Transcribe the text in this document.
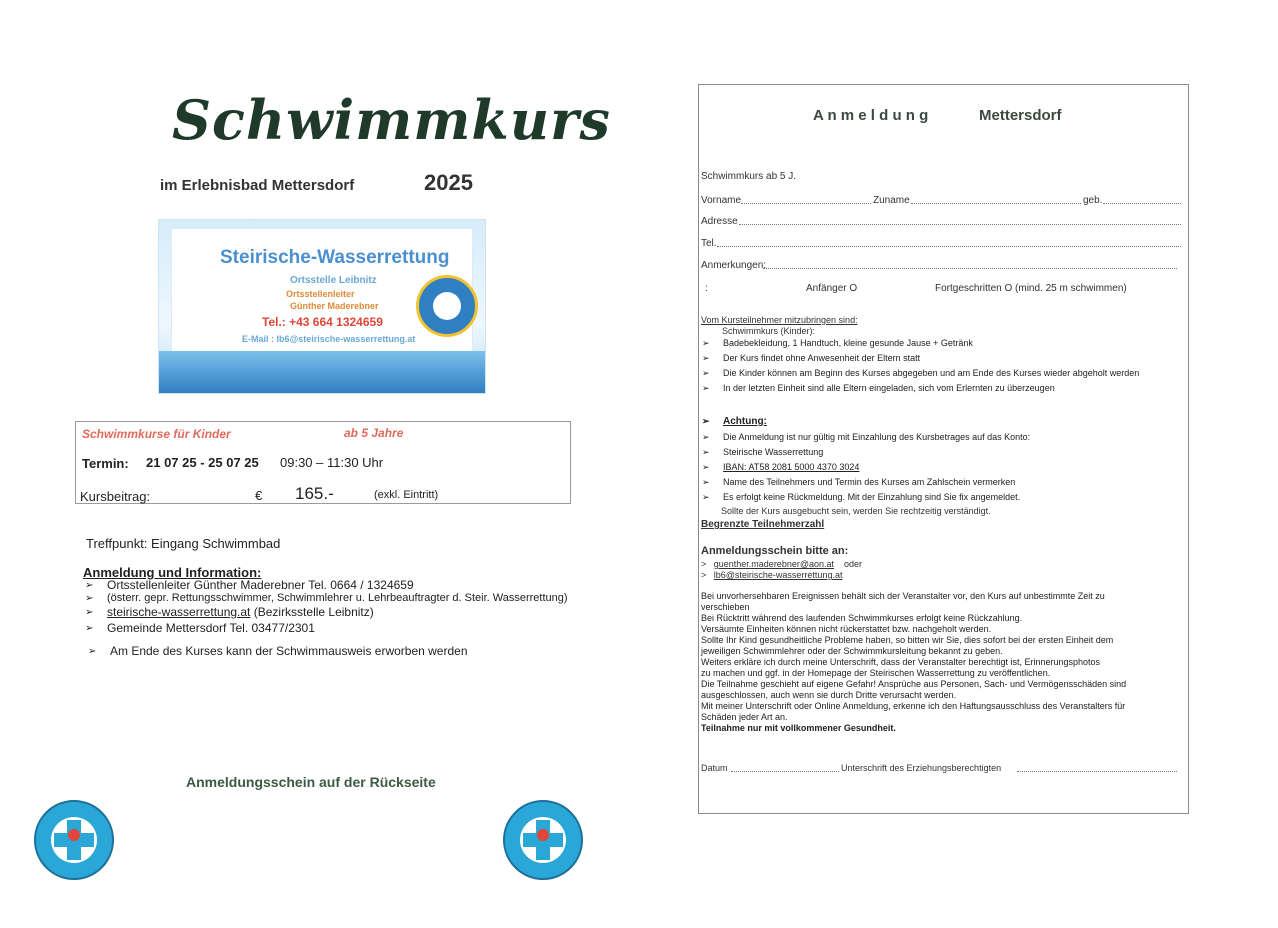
Schwimmkurs
im Erlebnisbad Mettersdorf	2025
Steirische-Wasserrettung
Ortsstelle Leibnitz
Ortsstellenleiter
Günther Maderebner
Tel.: +43 664 1324659
E-Mail : lb6@steirische-wasserrettung.at
Schwimmkurse für Kinder	ab 5 Jahre
Termin: 21 07 25 - 25 07 25 09:30 – 11:30 Uhr
Kursbeitrag:	€ 165.-	(exkl. Eintritt)
Treffpunkt: Eingang Schwimmbad
Anmeldung und Information:
➢ Ortsstellenleiter Günther Maderebner Tel. 0664 / 1324659
➢ (österr. gepr. Rettungsschwimmer, Schwimmlehrer u. Lehrbeauftragter d. Steir. Wasserrettung)
➢ steirische-wasserrettung.at (Bezirksstelle Leibnitz)
➢ Gemeinde Mettersdorf Tel. 03477/2301
➢ Am Ende des Kurses kann der Schwimmausweis erworben werden
Anmeldungsschein auf der Rückseite
A n m e l d u n g	Mettersdorf
Schwimmkurs ab 5 J.
Vorname	Zuname	geb.
Adresse
Tel.
Anmerkungen:
:	Anfänger O	Fortgeschritten O (mind. 25 m schwimmen)
Vom Kursteilnehmer mitzubringen sind:
Schwimmkurs (Kinder):
➢ Badebekleidung, 1 Handtuch, kleine gesunde Jause + Getränk
➢ Der Kurs findet ohne Anwesenheit der Eltern statt
➢ Die Kinder können am Beginn des Kurses abgegeben und am Ende des Kurses wieder abgeholt werden
➢ In der letzten Einheit sind alle Eltern eingeladen, sich vom Erlernten zu überzeugen
➢ Achtung:
➢ Die Anmeldung ist nur gültig mit Einzahlung des Kursbetrages auf das Konto:
➢ Steirische Wasserrettung
➢ IBAN: AT58 2081 5000 4370 3024
➢ Name des Teilnehmers und Termin des Kurses am Zahlschein vermerken
➢ Es erfolgt keine Rückmeldung. Mit der Einzahlung sind Sie fix angemeldet.
Sollte der Kurs ausgebucht sein, werden Sie rechtzeitig verständigt.
Begrenzte Teilnehmerzahl
Anmeldungsschein bitte an:
>   guenther.maderebner@aon.at oder
>   lb6@steirische-wasserrettung.at
Bei unvorhersehbaren Ereignissen behält sich der Veranstalter vor, den Kurs auf unbestimmte Zeit zu
verschieben
Bei Rücktritt während des laufenden Schwimmkurses erfolgt keine Rückzahlung.
Versäumte Einheiten können nicht rückerstattet bzw. nachgeholt werden.
Sollte Ihr Kind gesundheitliche Probleme haben, so bitten wir Sie, dies sofort bei der ersten Einheit dem
jeweiligen Schwimmlehrer oder der Schwimmkursleitung bekannt zu geben.
Weiters erkläre ich durch meine Unterschrift, dass der Veranstalter berechtigt ist, Erinnerungsphotos
zu machen und ggf. in der Homepage der Steirischen Wasserrettung zu veröffentlichen.
Die Teilnahme geschieht auf eigene Gefahr! Ansprüche aus Personen, Sach- und Vermögensschäden sind
ausgeschlossen, auch wenn sie durch Dritte verursacht werden.
Mit meiner Unterschrift oder Online Anmeldung, erkenne ich den Haftungsausschluss des Veranstalters für
Schäden jeder Art an.
Teilnahme nur mit vollkommener Gesundheit.
Datum	Unterschrift des Erziehungsberechtigten
